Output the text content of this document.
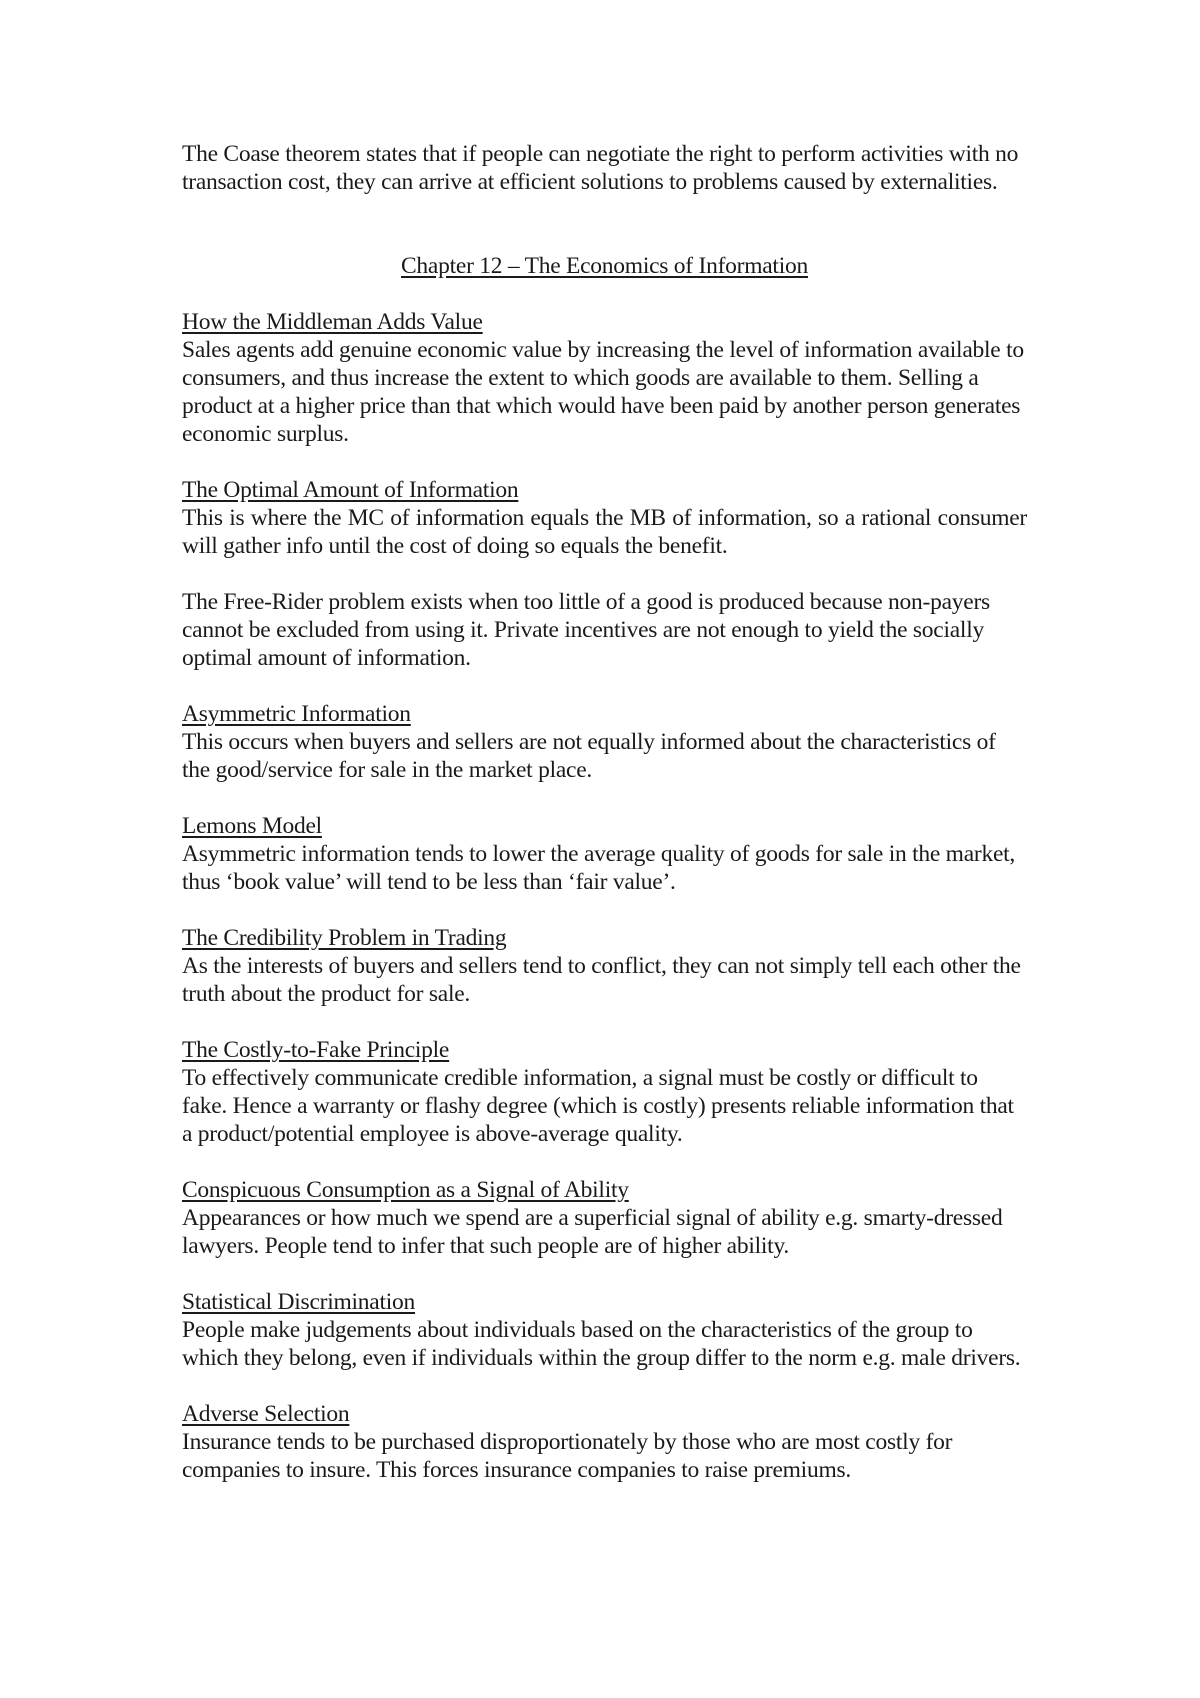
The Coase theorem states that if people can negotiate the right to perform activities with no transaction cost, they can arrive at efficient solutions to problems caused by externalities.

Chapter 12 – The Economics of Information

How the Middleman Adds Value

Sales agents add genuine economic value by increasing the level of information available to consumers, and thus increase the extent to which goods are available to them. Selling a product at a higher price than that which would have been paid by another person generates economic surplus.

The Optimal Amount of Information

This is where the MC of information equals the MB of information, so a rational consumer will gather info until the cost of doing so equals the benefit.

The Free-Rider problem exists when too little of a good is produced because non-payers cannot be excluded from using it. Private incentives are not enough to yield the socially optimal amount of information.

Asymmetric Information

This occurs when buyers and sellers are not equally informed about the characteristics of the good/service for sale in the market place.

Lemons Model

Asymmetric information tends to lower the average quality of goods for sale in the market, thus ‘book value’ will tend to be less than ‘fair value’.

The Credibility Problem in Trading

As the interests of buyers and sellers tend to conflict, they can not simply tell each other the truth about the product for sale.

The Costly-to-Fake Principle

To effectively communicate credible information, a signal must be costly or difficult to fake. Hence a warranty or flashy degree (which is costly) presents reliable information that a product/potential employee is above-average quality.

Conspicuous Consumption as a Signal of Ability

Appearances or how much we spend are a superficial signal of ability e.g. smarty-dressed lawyers. People tend to infer that such people are of higher ability.

Statistical Discrimination

People make judgements about individuals based on the characteristics of the group to which they belong, even if individuals within the group differ to the norm e.g. male drivers.

Adverse Selection

Insurance tends to be purchased disproportionately by those who are most costly for companies to insure. This forces insurance companies to raise premiums.
